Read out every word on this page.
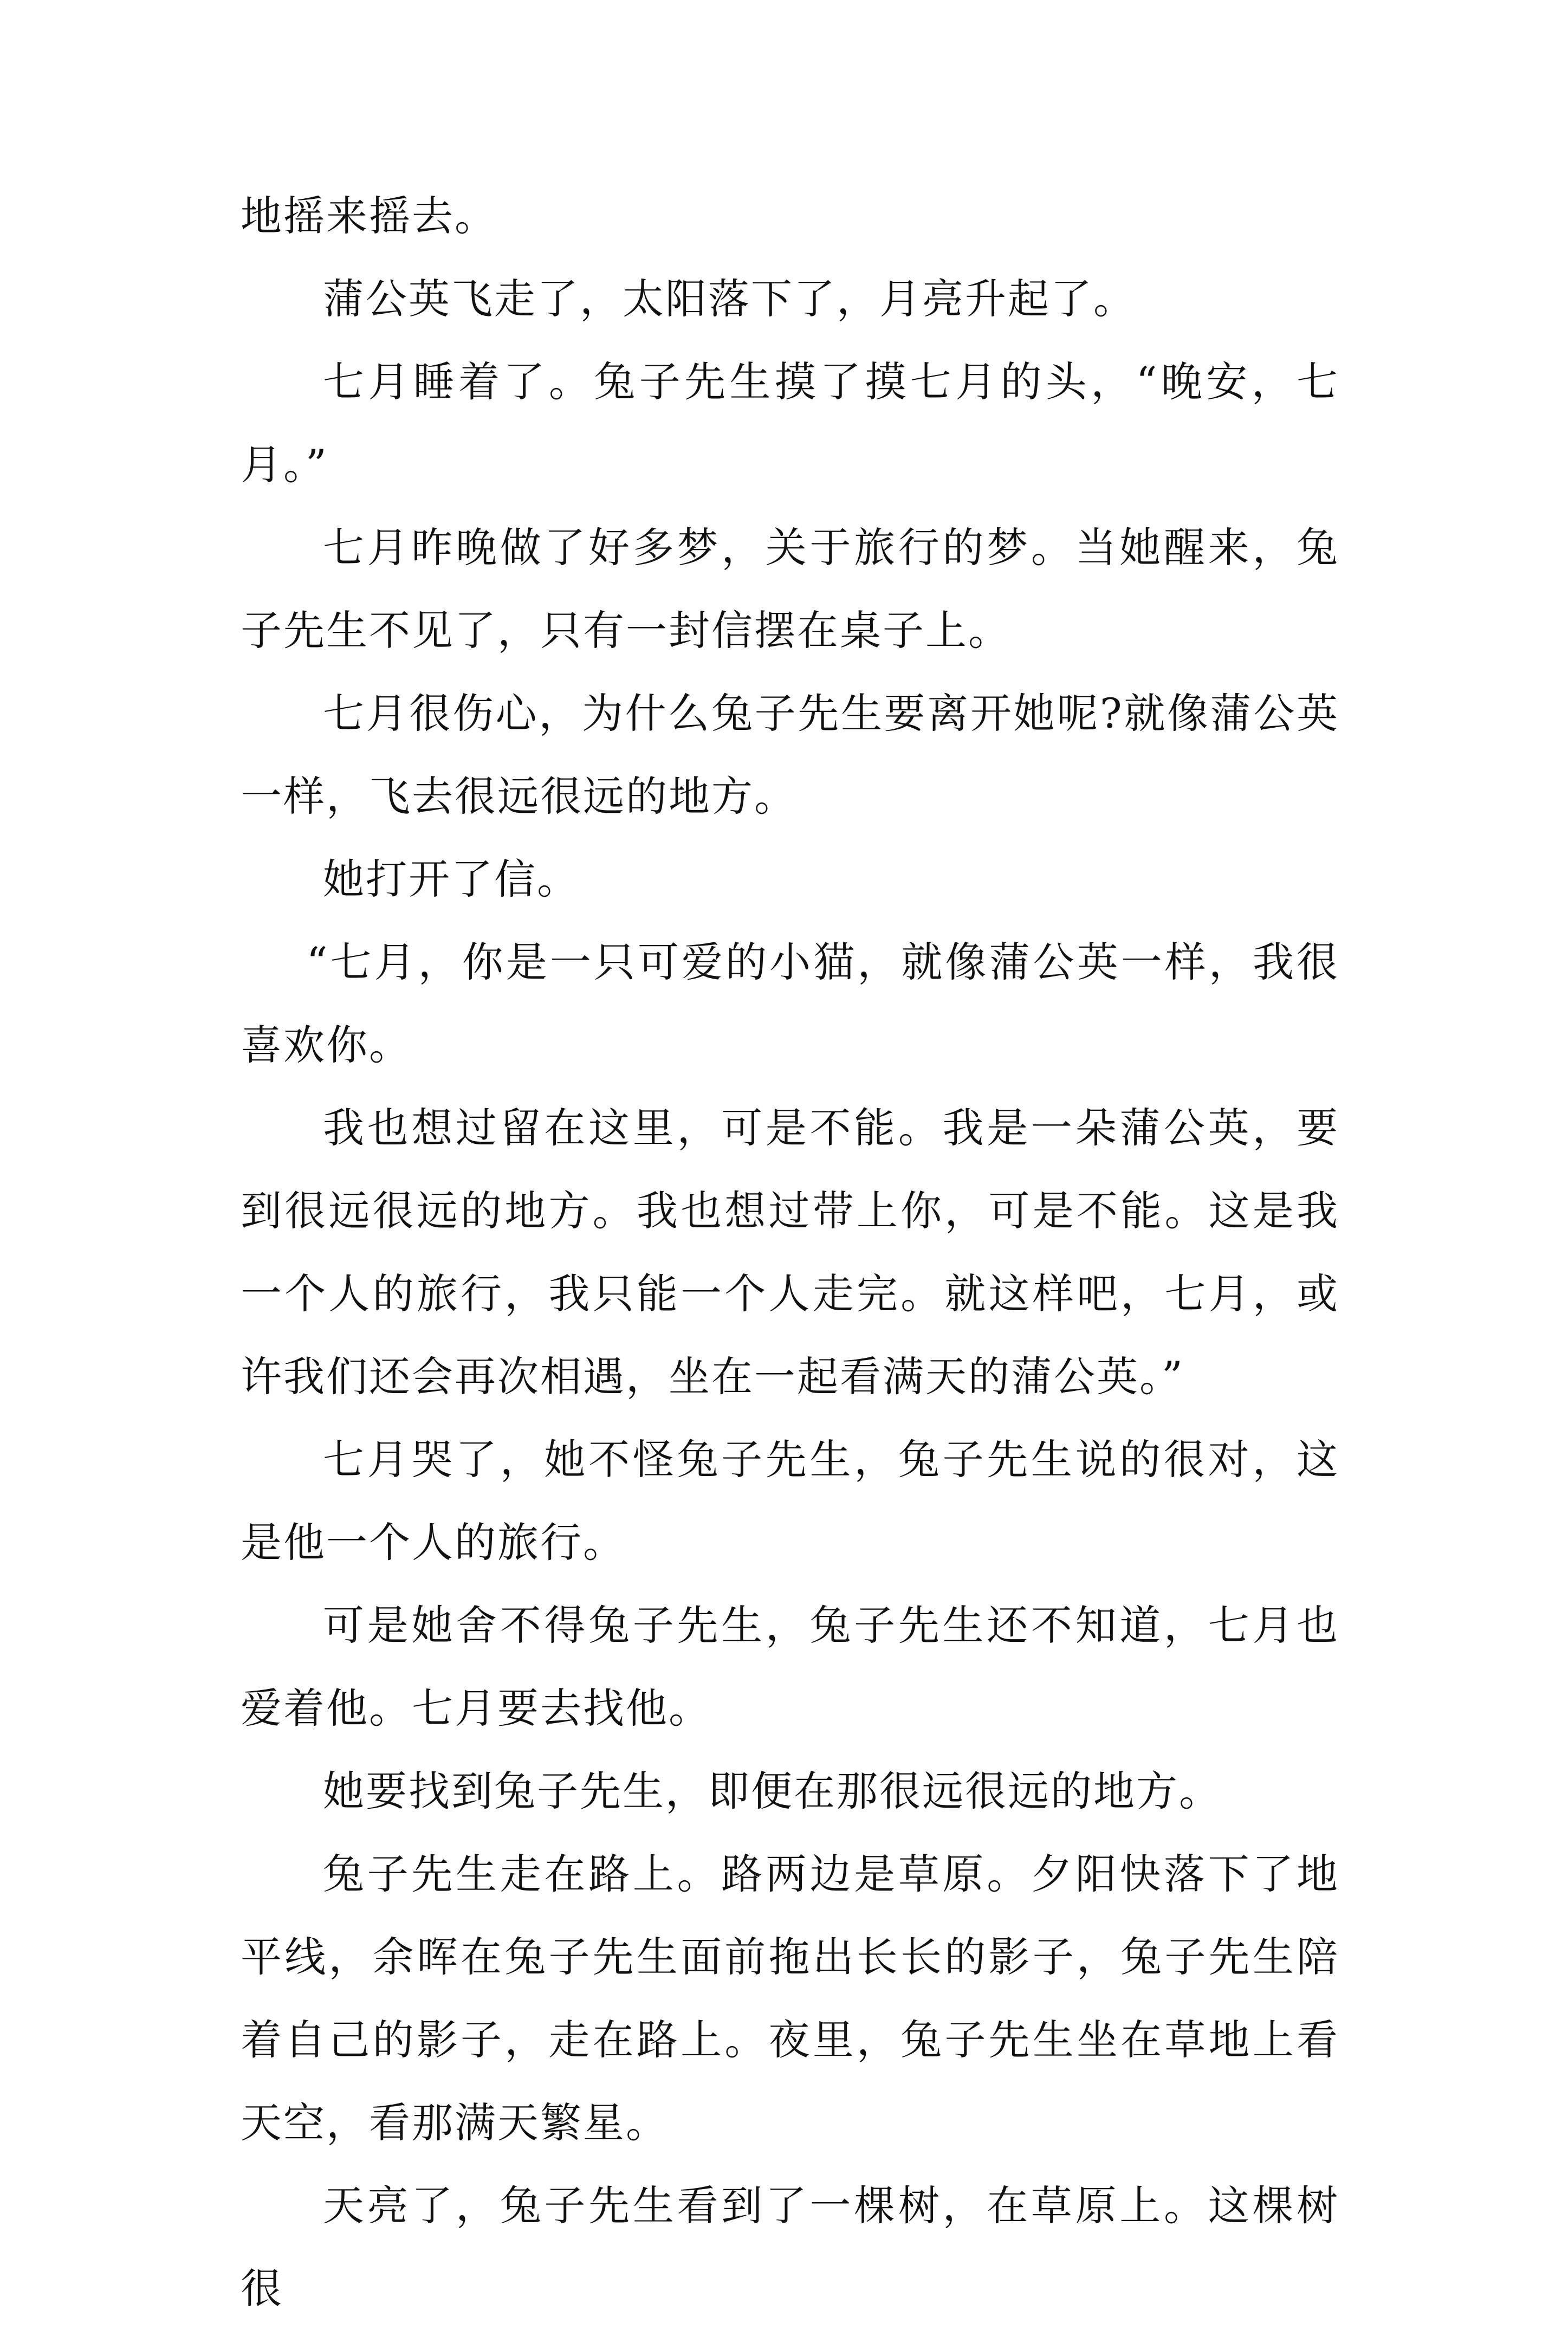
地摇来摇去。

蒲公英飞走了，太阳落下了，月亮升起了。

七月睡着了。兔子先生摸了摸七月的头，“晚安，七月。”

七月昨晚做了好多梦，关于旅行的梦。当她醒来，兔子先生不见了，只有一封信摆在桌子上。

七月很伤心，为什么兔子先生要离开她呢?就像蒲公英一样，飞去很远很远的地方。

她打开了信。

“七月，你是一只可爱的小猫，就像蒲公英一样，我很喜欢你。

我也想过留在这里，可是不能。我是一朵蒲公英，要到很远很远的地方。我也想过带上你，可是不能。这是我一个人的旅行，我只能一个人走完。就这样吧，七月，或许我们还会再次相遇，坐在一起看满天的蒲公英。”

七月哭了，她不怪兔子先生，兔子先生说的很对，这是他一个人的旅行。

可是她舍不得兔子先生，兔子先生还不知道，七月也爱着他。七月要去找他。

她要找到兔子先生，即便在那很远很远的地方。

兔子先生走在路上。路两边是草原。夕阳快落下了地平线，余晖在兔子先生面前拖出长长的影子，兔子先生陪着自己的影子，走在路上。夜里，兔子先生坐在草地上看天空，看那满天繁星。

天亮了，兔子先生看到了一棵树，在草原上。这棵树很
